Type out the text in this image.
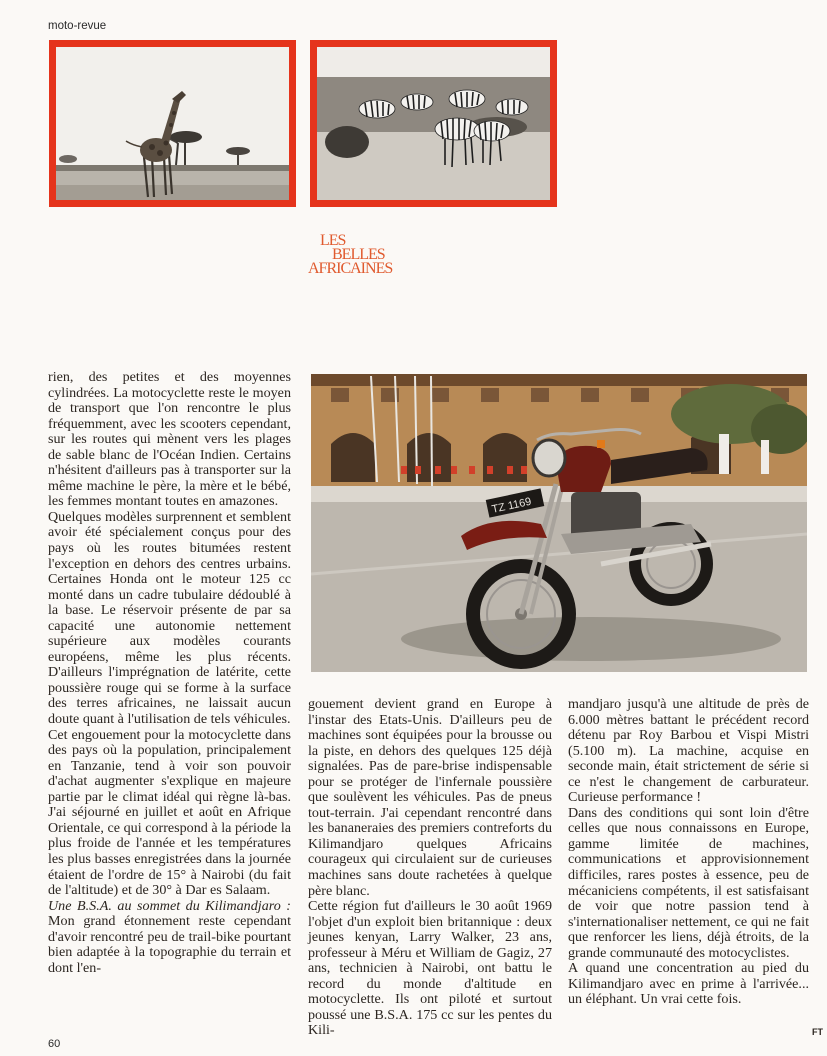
moto-revue
LES
BELLES
AFRICAINES

rien, des petites et des moyennes cylindrées. La motocyclette reste le moyen de transport que l'on rencontre le plus fréquemment, avec les scooters cependant, sur les routes qui mènent vers les plages de sable blanc de l'Océan Indien. Certains n'hésitent d'ailleurs pas à transporter sur la même machine le père, la mère et le bébé, les femmes montant toutes en amazones.

Quelques modèles surprennent et semblent avoir été spécialement conçus pour des pays où les routes bitumées restent l'exception en dehors des centres urbains. Certaines Honda ont le moteur 125 cc monté dans un cadre tubulaire dédoublé à la base. Le réservoir présente de par sa capacité une autonomie nettement supérieure aux modèles courants européens, même les plus récents. D'ailleurs l'imprégnation de latérite, cette poussière rouge qui se forme à la surface des terres africaines, ne laissait aucun doute quant à l'utilisation de tels véhicules.

Cet engouement pour la motocyclette dans des pays où la population, principalement en Tanzanie, tend à voir son pouvoir d'achat augmenter s'explique en majeure partie par le climat idéal qui règne là-bas. J'ai séjourné en juillet et août en Afrique Orientale, ce qui correspond à la période la plus froide de l'année et les températures les plus basses enregistrées dans la journée étaient de l'ordre de 15° à Nairobi (du fait de l'altitude) et de 30° à Dar es Salaam.

Une B.S.A. au sommet du Kilimandjaro : Mon grand étonnement reste cependant d'avoir rencontré peu de trail-bike pourtant bien adaptée à la topographie du terrain et dont l'en-

TZ 1169

gouement devient grand en Europe à l'instar des Etats-Unis. D'ailleurs peu de machines sont équipées pour la brousse ou la piste, en dehors des quelques 125 déjà signalées. Pas de pare-brise indispensable pour se protéger de l'infernale poussière que soulèvent les véhicules. Pas de pneus tout-terrain. J'ai cependant rencontré dans les bananeraies des premiers contreforts du Kilimandjaro quelques Africains courageux qui circulaient sur de curieuses machines sans doute rachetées à quelque père blanc.

Cette région fut d'ailleurs le 30 août 1969 l'objet d'un exploit bien britannique : deux jeunes kenyan, Larry Walker, 23 ans, professeur à Méru et William de Gagiz, 27 ans, technicien à Nairobi, ont battu le record du monde d'altitude en motocyclette. Ils ont piloté et surtout poussé une B.S.A. 175 cc sur les pentes du Kili-

mandjaro jusqu'à une altitude de près de 6.000 mètres battant le précédent record détenu par Roy Barbou et Vispi Mistri (5.100 m). La machine, acquise en seconde main, était strictement de série si ce n'est le changement de carburateur. Curieuse performance !

Dans des conditions qui sont loin d'être celles que nous connaissons en Europe, gamme limitée de machines, communications et approvisionnement difficiles, rares postes à essence, peu de mécaniciens compétents, il est satisfaisant de voir que notre passion tend à s'internationaliser nettement, ce qui ne fait que renforcer les liens, déjà étroits, de la grande communauté des motocyclistes.

A quand une concentration au pied du Kilimandjaro avec en prime à l'arrivée... un éléphant. Un vrai cette fois.

60
FT
